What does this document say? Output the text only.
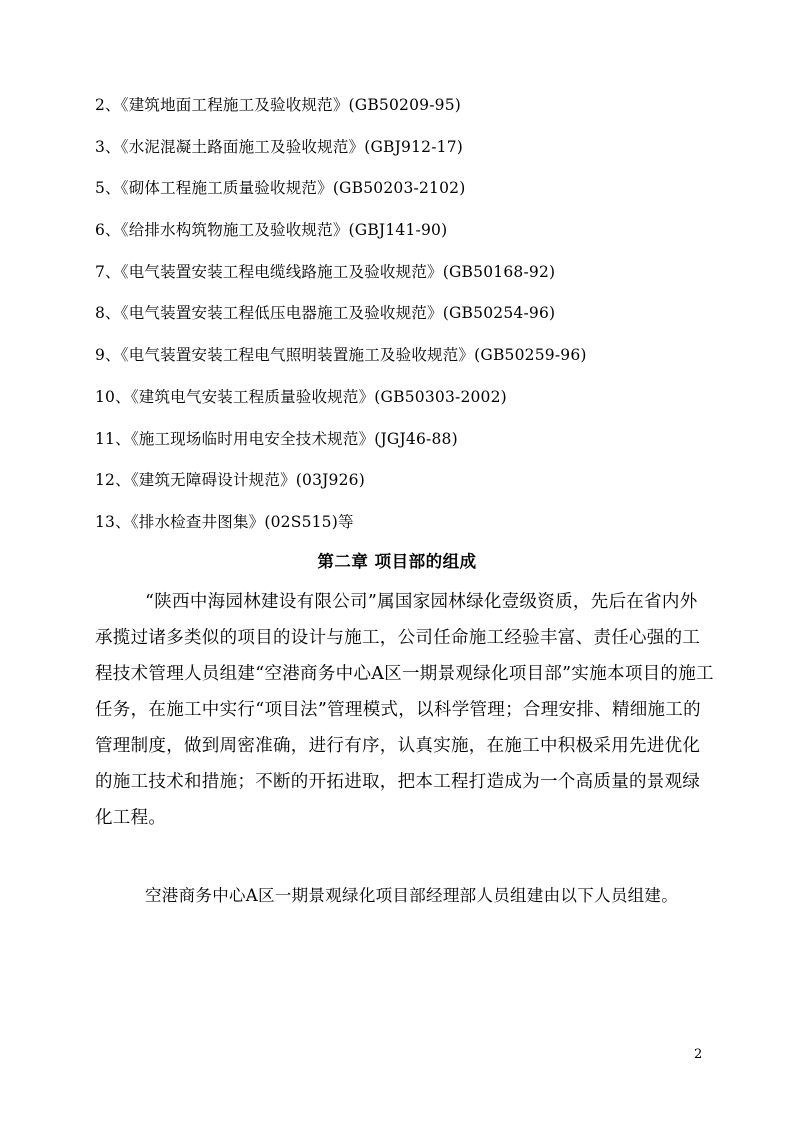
2、《建筑地面工程施工及验收规范》(GB50209-95)
3、《水泥混凝土路面施工及验收规范》(GBJ912-17)
5、《砌体工程施工质量验收规范》(GB50203-2102)
6、《给排水构筑物施工及验收规范》(GBJ141-90)
7、《电气装置安装工程电缆线路施工及验收规范》(GB50168-92)
8、《电气装置安装工程低压电器施工及验收规范》(GB50254-96)
9、《电气装置安装工程电气照明装置施工及验收规范》(GB50259-96)
10、《建筑电气安装工程质量验收规范》(GB50303-2002)
11、《施工现场临时用电安全技术规范》(JGJ46-88)
12、《建筑无障碍设计规范》(03J926)
13、《排水检查井图集》(02S515)等
第二章 项目部的组成

“陕西中海园林建设有限公司”属国家园林绿化壹级资质，先后在省内外承揽过诸多类似的项目的设计与施工，公司任命施工经验丰富、责任心强的工程技术管理人员组建“空港商务中心A区一期景观绿化项目部”实施本项目的施工任务，在施工中实行“项目法”管理模式，以科学管理；合理安排、精细施工的管理制度，做到周密准确，进行有序，认真实施，在施工中积极采用先进优化的施工技术和措施；不断的开拓进取，把本工程打造成为一个高质量的景观绿化工程。

空港商务中心A区一期景观绿化项目部经理部人员组建由以下人员组建。

2
